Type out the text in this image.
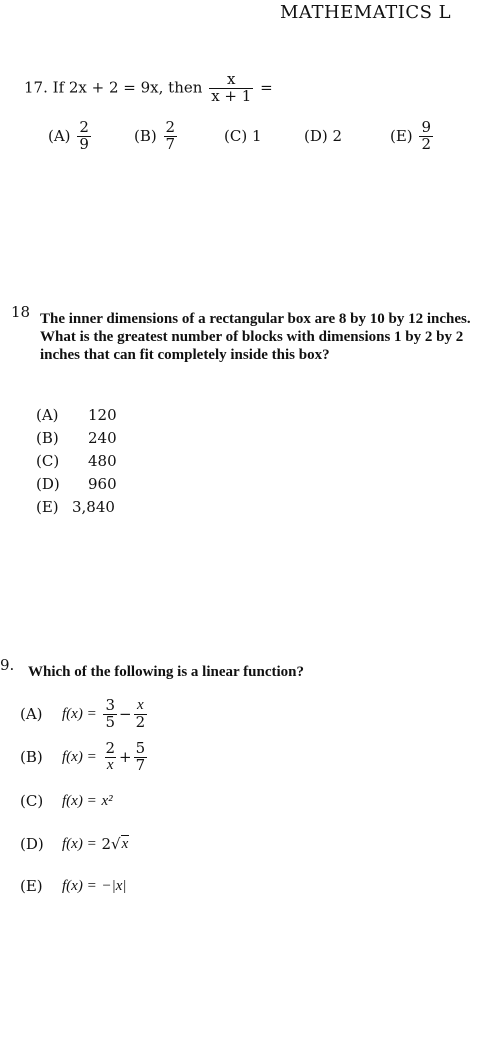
MATHEMATICS L
17. If 2x + 2 = 9x, then $\frac{x}{x + 1}$ =
(A)
$\frac{2}{9}$	(B)
$\frac{2}{7}$	(C)
1	(D)
2	(E)
$\frac{9}{2}$
18 The inner dimensions of a rectangular box are 8 by 10 by 12 inches. What is the greatest number of blocks with dimensions 1 by 2 by 2 inches that can fit completely inside this box?
(A)	120
(B)	240
(C)	480
(D)	960
(E) 3,840
9. Which of the following is a linear function?
(A)	f(x) =
$\frac{3}{5} - \frac{x}{2}$
(B)	f(x) =
$\frac{2}{x} + \frac{5}{7}$
(C)	f(x) =
x²
(D)	f(x) =
2 √ x
(E)	f(x) =
−|x|
